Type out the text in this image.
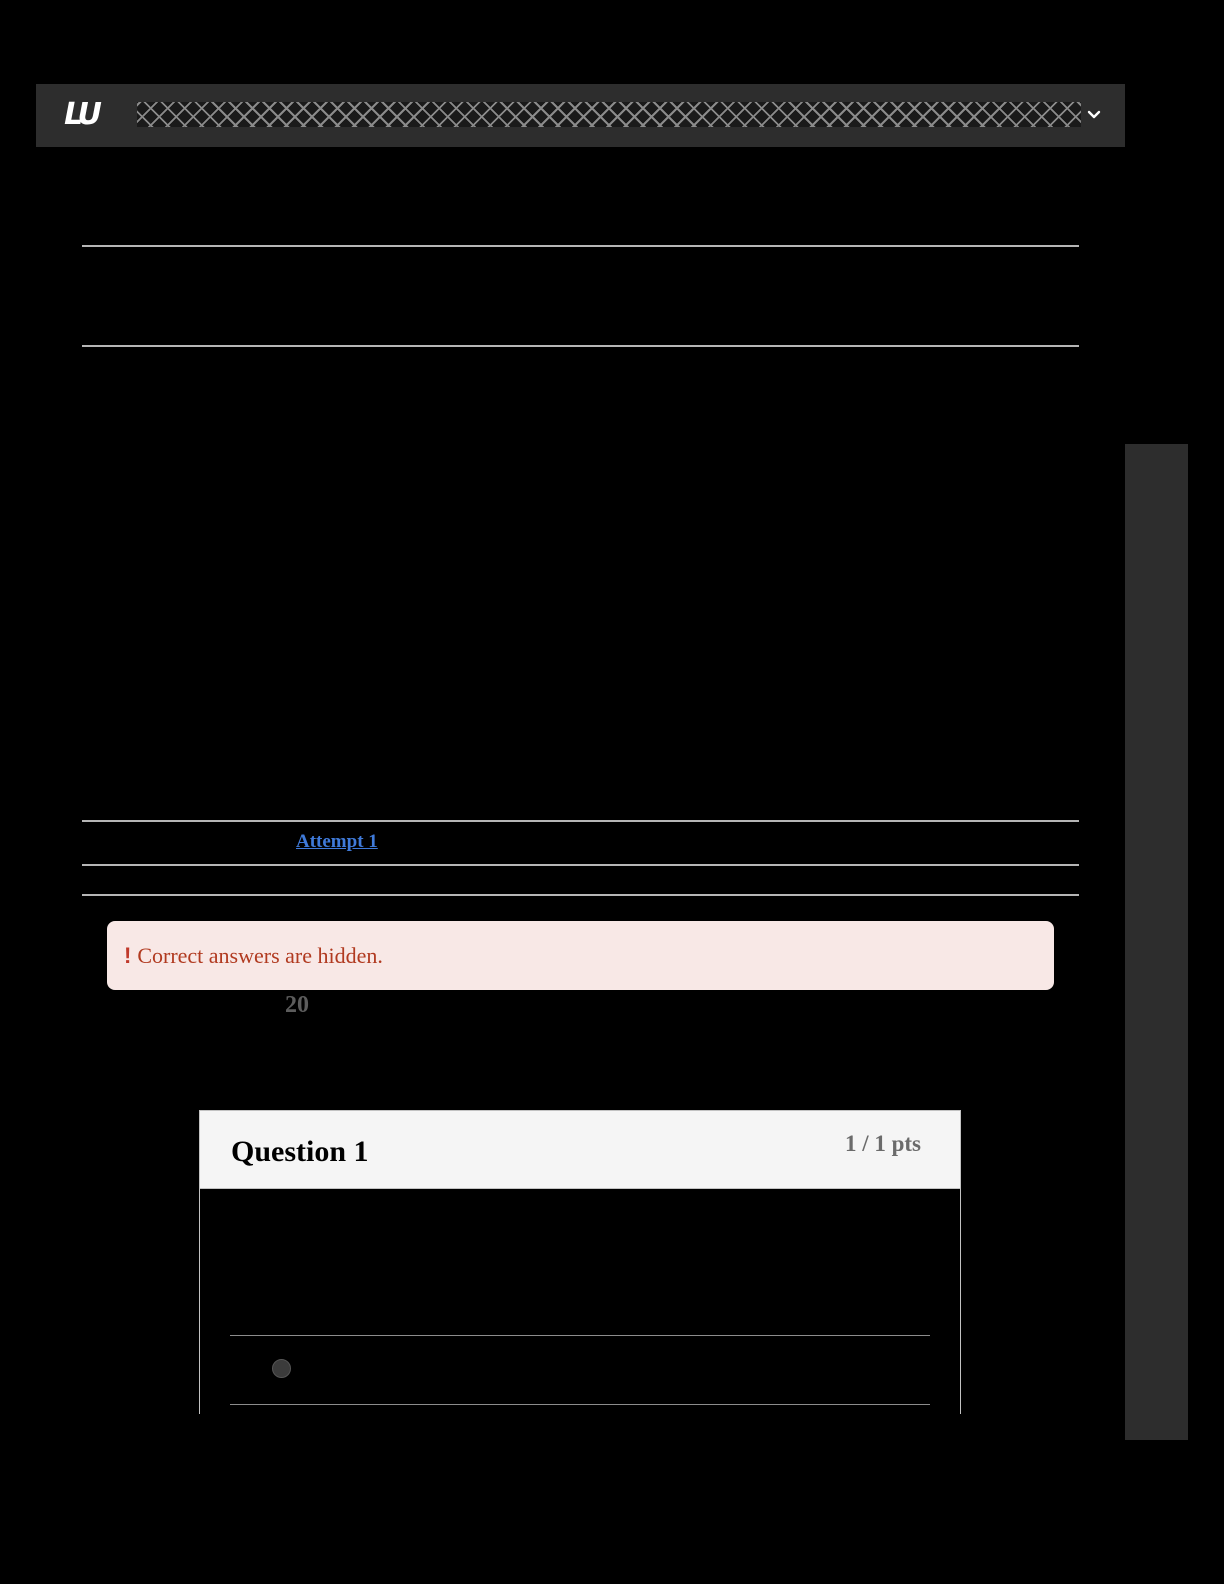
LU
Attempt 1
! Correct answers are hidden.
20
Question 1	1 / 1 pts
